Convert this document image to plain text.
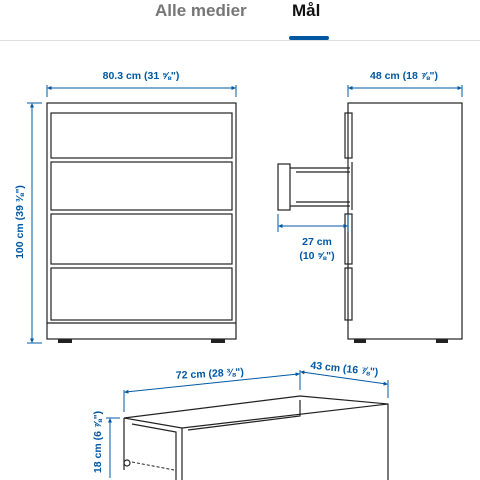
Alle medier	Mål
80.3 cm (31 ⅝")
100 cm (39 ⅜")
48 cm (18 ⅞")
27 cm
(10 ⅝")
72 cm (28 ⅜")	43 cm (16 ⅞")
18 cm (6 ⅞")
